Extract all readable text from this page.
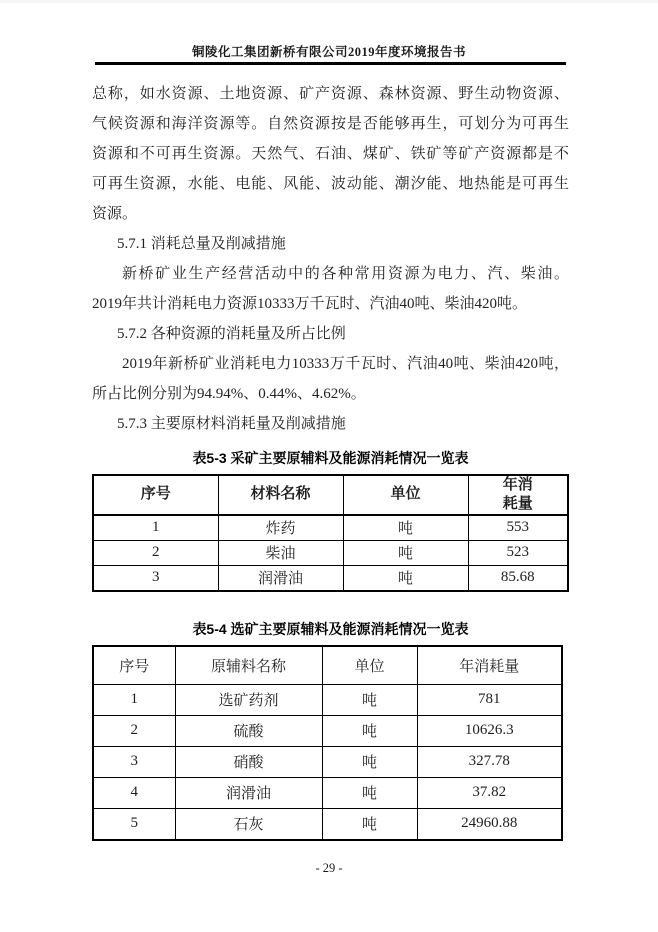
铜陵化工集团新桥有限公司2019年度环境报告书
总称，如水资源、土地资源、矿产资源、森林资源、野生动物资源、
气候资源和海洋资源等。自然资源按是否能够再生，可划分为可再生
资源和不可再生资源。天然气、石油、煤矿、铁矿等矿产资源都是不
可再生资源，水能、电能、风能、波动能、潮汐能、地热能是可再生
资源。
5.7.1 消耗总量及削减措施
新桥矿业生产经营活动中的各种常用资源为电力、汽、柴油。
2019年共计消耗电力资源10333万千瓦时、汽油40吨、柴油420吨。
5.7.2 各种资源的消耗量及所占比例
2019年新桥矿业消耗电力10333万千瓦时、汽油40吨、柴油420吨，
所占比例分别为94.94%、0.44%、4.62%。
5.7.3 主要原材料消耗量及削减措施
表5-3 采矿主要原辅料及能源消耗情况一览表
序号	材料名称	单位	年消耗量
1	炸药	吨	553
2	柴油	吨	523
3	润滑油	吨	85.68
表5-4 选矿主要原辅料及能源消耗情况一览表
序号	原辅料名称	单位	年消耗量
1	选矿药剂	吨	781
2	硫酸	吨	10626.3
3	硝酸	吨	327.78
4	润滑油	吨	37.82
5	石灰	吨	24960.88
- 29 -
